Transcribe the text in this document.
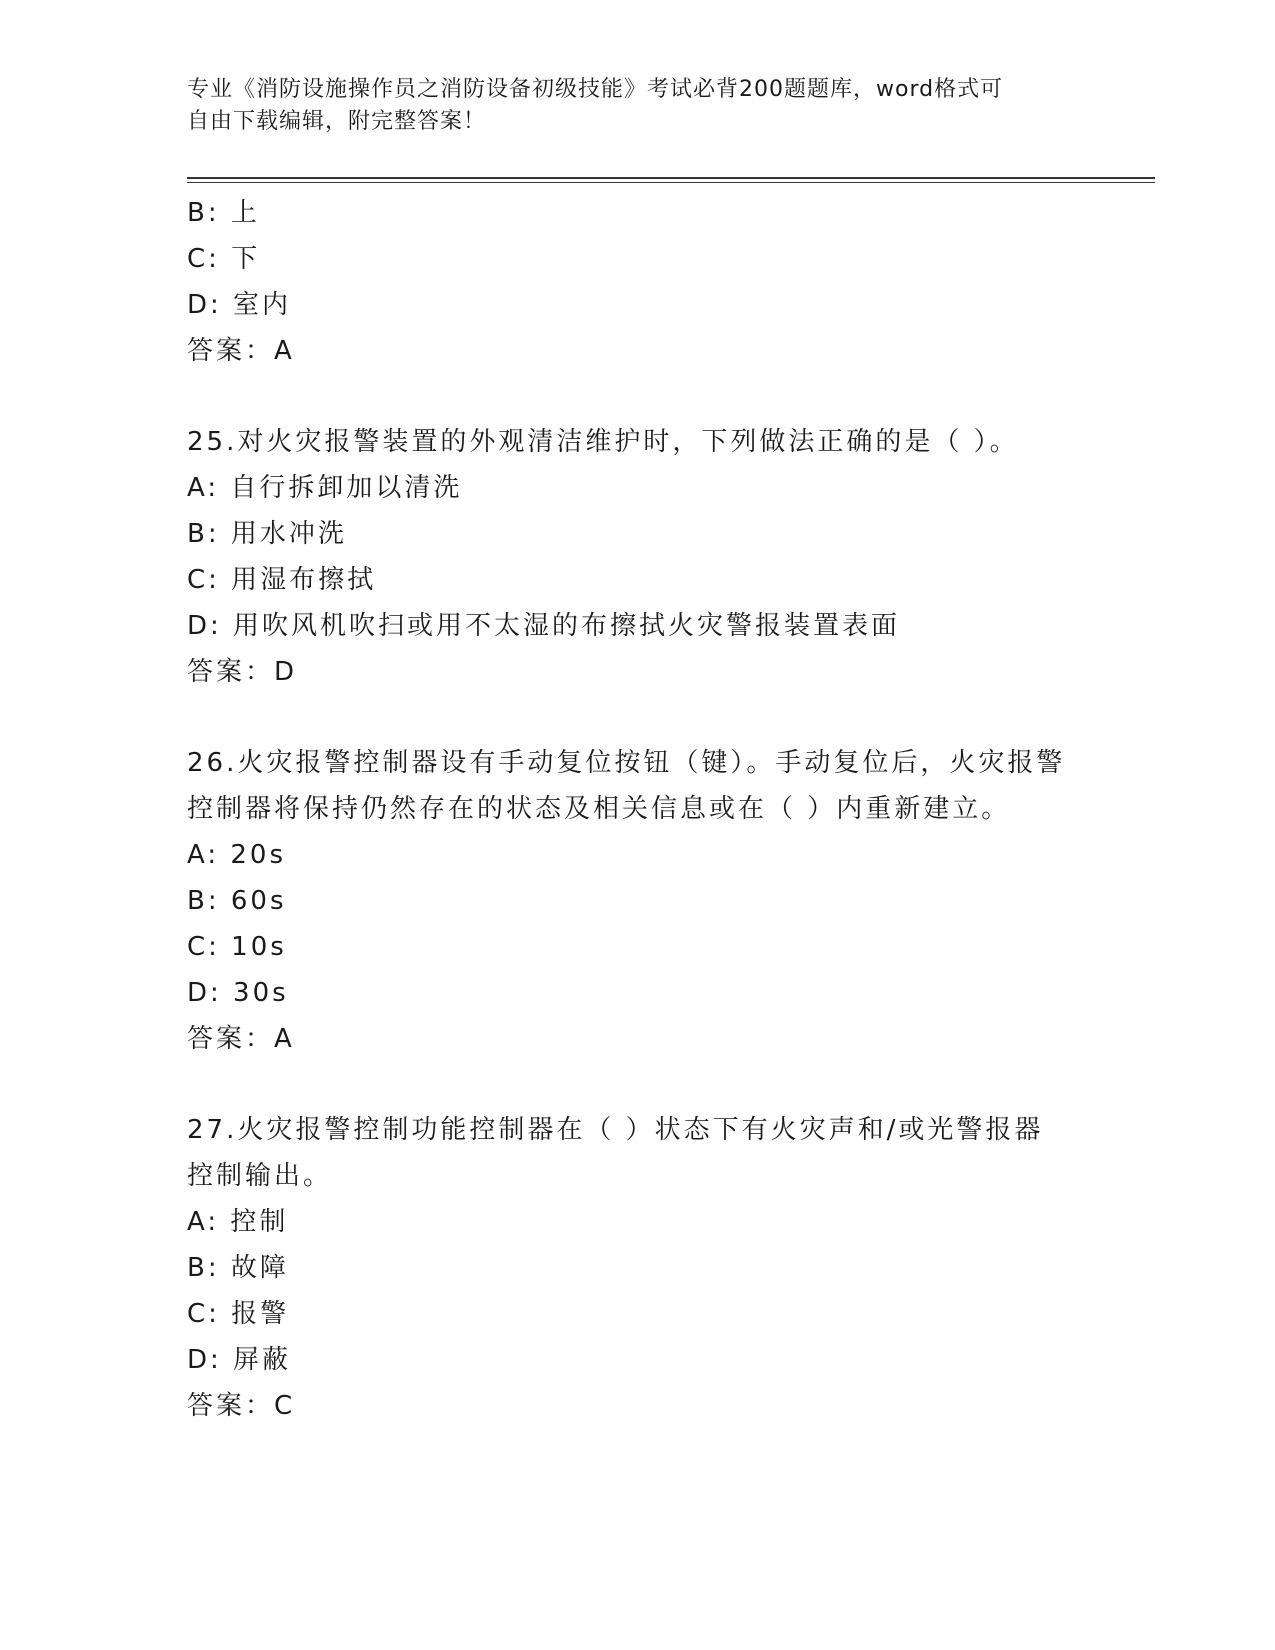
专业《消防设施操作员之消防设备初级技能》考试必背200题题库，word格式可
自由下载编辑，附完整答案！
B: 上
C: 下
D: 室内
答案：A
25.对火灾报警装置的外观清洁维护时，下列做法正确的是（ ）。
A: 自行拆卸加以清洗
B: 用水冲洗
C: 用湿布擦拭
D: 用吹风机吹扫或用不太湿的布擦拭火灾警报装置表面
答案：D
26.火灾报警控制器设有手动复位按钮（键）。手动复位后，火灾报警
控制器将保持仍然存在的状态及相关信息或在（ ）内重新建立。
A: 20s
B: 60s
C: 10s
D: 30s
答案：A
27.火灾报警控制功能控制器在（ ）状态下有火灾声和/或光警报器
控制输出。
A: 控制
B: 故障
C: 报警
D: 屏蔽
答案：C
